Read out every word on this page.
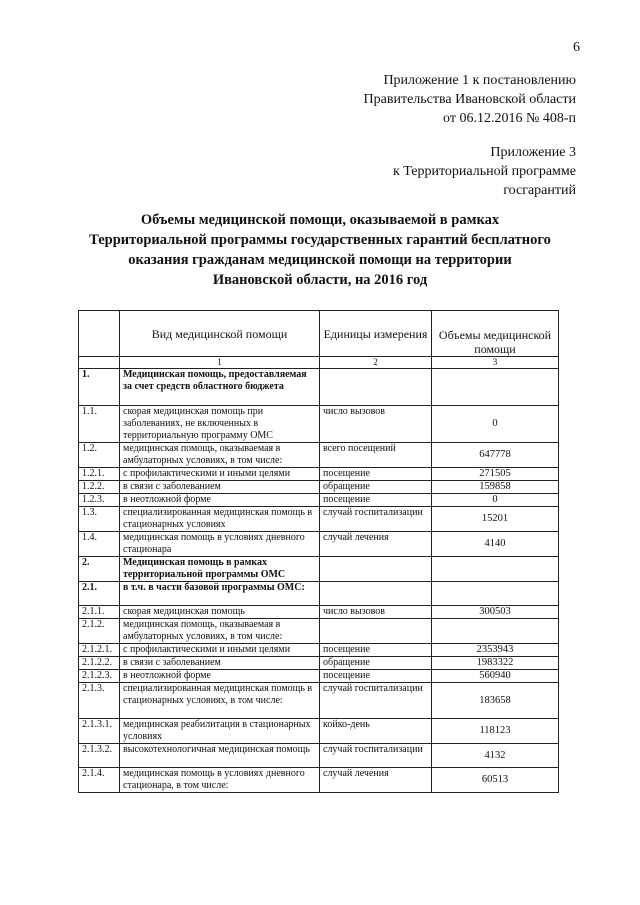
6
Приложение 1 к постановлению
Правительства Ивановской области
от 06.12.2016 № 408-п
Приложение 3
к Территориальной программе
госгарантий
Объемы медицинской помощи, оказываемой в рамках
Территориальной программы государственных гарантий бесплатного
оказания гражданам медицинской помощи на территории
Ивановской области, на 2016 год
	Вид медицинской помощи	Единицы измерения	Объемы медицинской помощи
	1	2	3
1.	Медицинская помощь, предоставляемая за счет средств областного бюджета		
1.1.	скорая медицинская помощь при заболеваниях, не включенных в территориальную программу ОМС	число вызовов	0
1.2.	медицинская помощь, оказываемая в амбулаторных условиях, в том числе:	всего посещений	647778
1.2.1.	с профилактическими и иными целями	посещение	271505
1.2.2.	в связи с заболеванием	обращение	159858
1.2.3.	в неотложной форме	посещение	0
1.3.	специализированная медицинская помощь в стационарных условиях	случай госпитализации	15201
1.4.	медицинская помощь в условиях дневного стационара	случай лечения	4140
2.	Медицинская помощь в рамках территориальной программы ОМС		
2.1.	в т.ч. в части базовой программы ОМС:		
2.1.1.	скорая медицинская помощь	число вызовов	300503
2.1.2.	медицинская помощь, оказываемая в амбулаторных условиях, в том числе:		
2.1.2.1.	с профилактическими и иными целями	посещение	2353943
2.1.2.2.	в связи с заболеванием	обращение	1983322
2.1.2.3.	в неотложной форме	посещение	560940
2.1.3.	специализированная медицинская помощь в стационарных условиях, в том числе:	случай госпитализации	183658
2.1.3.1.	медицинская реабилитация в стационарных условиях	койко-день	118123
2.1.3.2.	высокотехнологичная медицинская помощь	случай госпитализации	4132
2.1.4.	медицинская помощь в условиях дневного стационара, в том числе:	случай лечения	60513
